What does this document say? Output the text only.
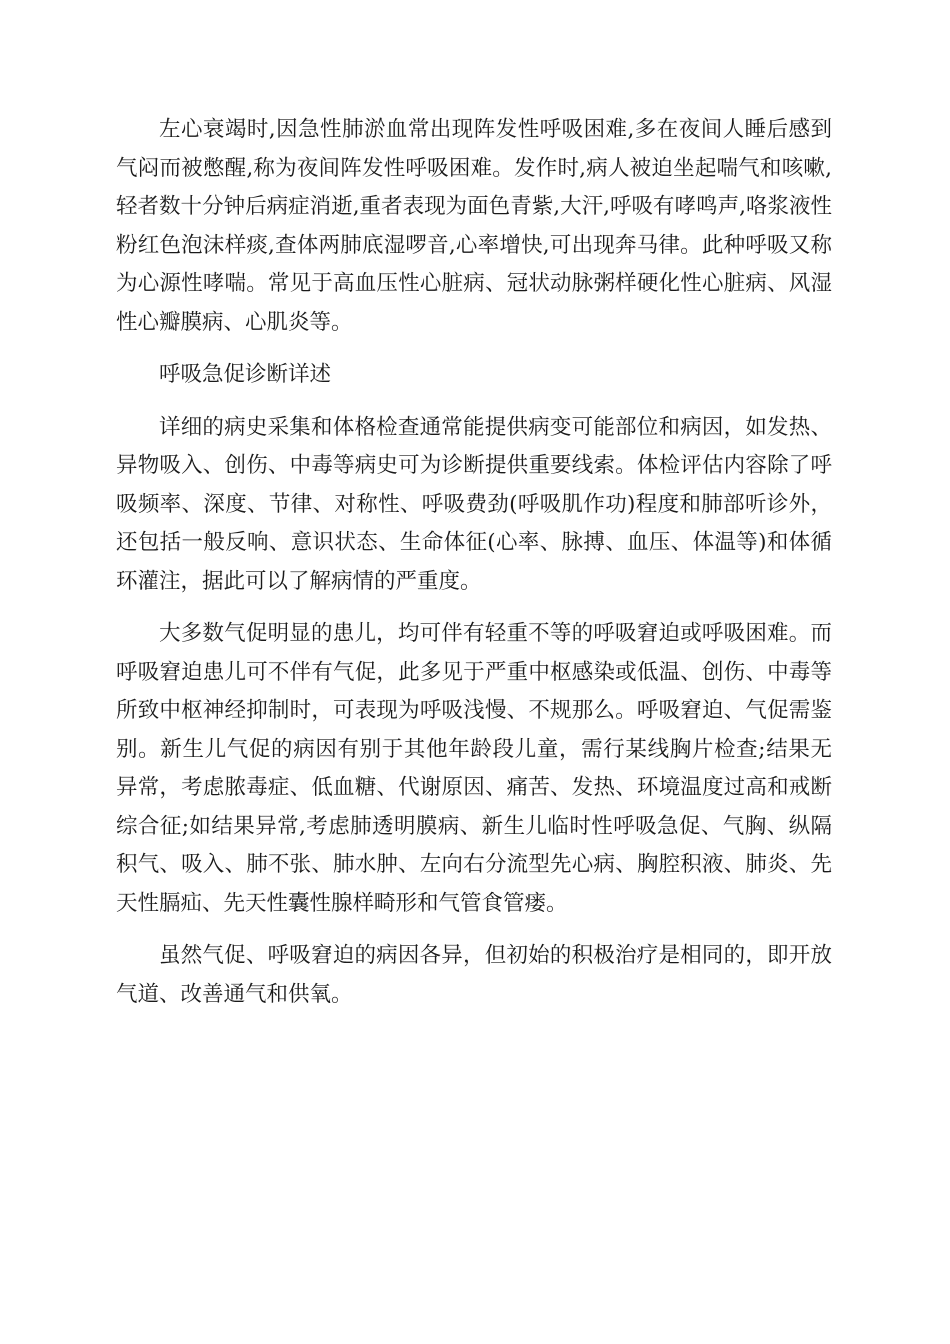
左心衰竭时,因急性肺淤血常出现阵发性呼吸困难,多在夜间人睡后感到气闷而被憋醒,称为夜间阵发性呼吸困难。发作时,病人被迫坐起喘气和咳嗽,轻者数十分钟后病症消逝,重者表现为面色青紫,大汗,呼吸有哮鸣声,咯浆液性粉红色泡沫样痰,查体两肺底湿啰音,心率增快,可出现奔马律。此种呼吸又称为心源性哮喘。常见于高血压性心脏病、冠状动脉粥样硬化性心脏病、风湿性心瓣膜病、心肌炎等。

呼吸急促诊断详述

详细的病史采集和体格检查通常能提供病变可能部位和病因，如发热、异物吸入、创伤、中毒等病史可为诊断提供重要线索。体检评估内容除了呼吸频率、深度、节律、对称性、呼吸费劲(呼吸肌作功)程度和肺部听诊外，还包括一般反响、意识状态、生命体征(心率、脉搏、血压、体温等)和体循环灌注，据此可以了解病情的严重度。

大多数气促明显的患儿，均可伴有轻重不等的呼吸窘迫或呼吸困难。而呼吸窘迫患儿可不伴有气促，此多见于严重中枢感染或低温、创伤、中毒等所致中枢神经抑制时，可表现为呼吸浅慢、不规那么。呼吸窘迫、气促需鉴别。新生儿气促的病因有别于其他年龄段儿童，需行某线胸片检查;结果无异常，考虑脓毒症、低血糖、代谢原因、痛苦、发热、环境温度过高和戒断综合征;如结果异常,考虑肺透明膜病、新生儿临时性呼吸急促、气胸、纵隔积气、吸入、肺不张、肺水肿、左向右分流型先心病、胸腔积液、肺炎、先天性膈疝、先天性囊性腺样畸形和气管食管瘘。

虽然气促、呼吸窘迫的病因各异，但初始的积极治疗是相同的，即开放气道、改善通气和供氧。
